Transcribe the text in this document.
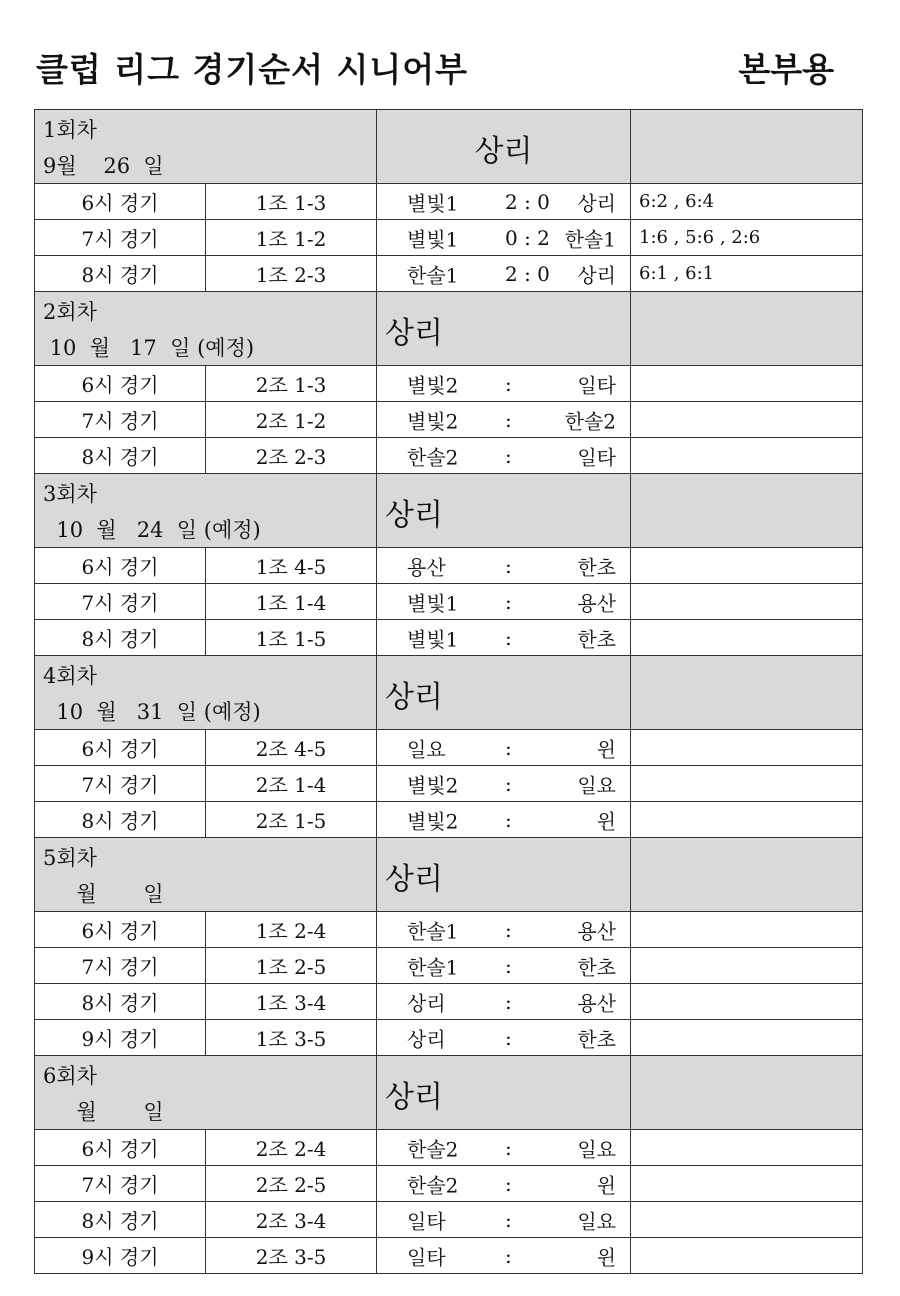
클럽 리그 경기순서 시니어부	본부용
1회차
9월    26  일		상리	

6시 경기	1조 1-3	별빛1 2 : 0 상리	6:2 , 6:4
7시 경기	1조 1-2	별빛1 0 : 2 한솔1	1:6 , 5:6 , 2:6
8시 경기	1조 2-3	한솔1 2 : 0 상리	6:1 , 6:1

2회차
10  월   17  일 (예정)		상리	

6시 경기	2조 1-3	별빛2 : 일타	

7시 경기	2조 1-2	별빛2 : 한솔2	

8시 경기	2조 2-3	한솔2 : 일타	

3회차
10  월   24  일 (예정)		상리	

6시 경기	1조 4-5	용산 : 한초	

7시 경기	1조 1-4	별빛1 : 용산	

8시 경기	1조 1-5	별빛1 : 한초	

4회차
10  월   31  일 (예정)		상리	

6시 경기	2조 4-5	일요 : 윈	

7시 경기	2조 1-4	별빛2 : 일요	

8시 경기	2조 1-5	별빛2 : 윈	

5회차
월       일		상리	

6시 경기	1조 2-4	한솔1 : 용산	

7시 경기	1조 2-5	한솔1 : 한초	

8시 경기	1조 3-4	상리 : 용산	

9시 경기	1조 3-5	상리 : 한초	

6회차
월       일		상리	

6시 경기	2조 2-4	한솔2 : 일요	

7시 경기	2조 2-5	한솔2 : 윈	

8시 경기	2조 3-4	일타 : 일요	

9시 경기	2조 3-5	일타 : 윈	
